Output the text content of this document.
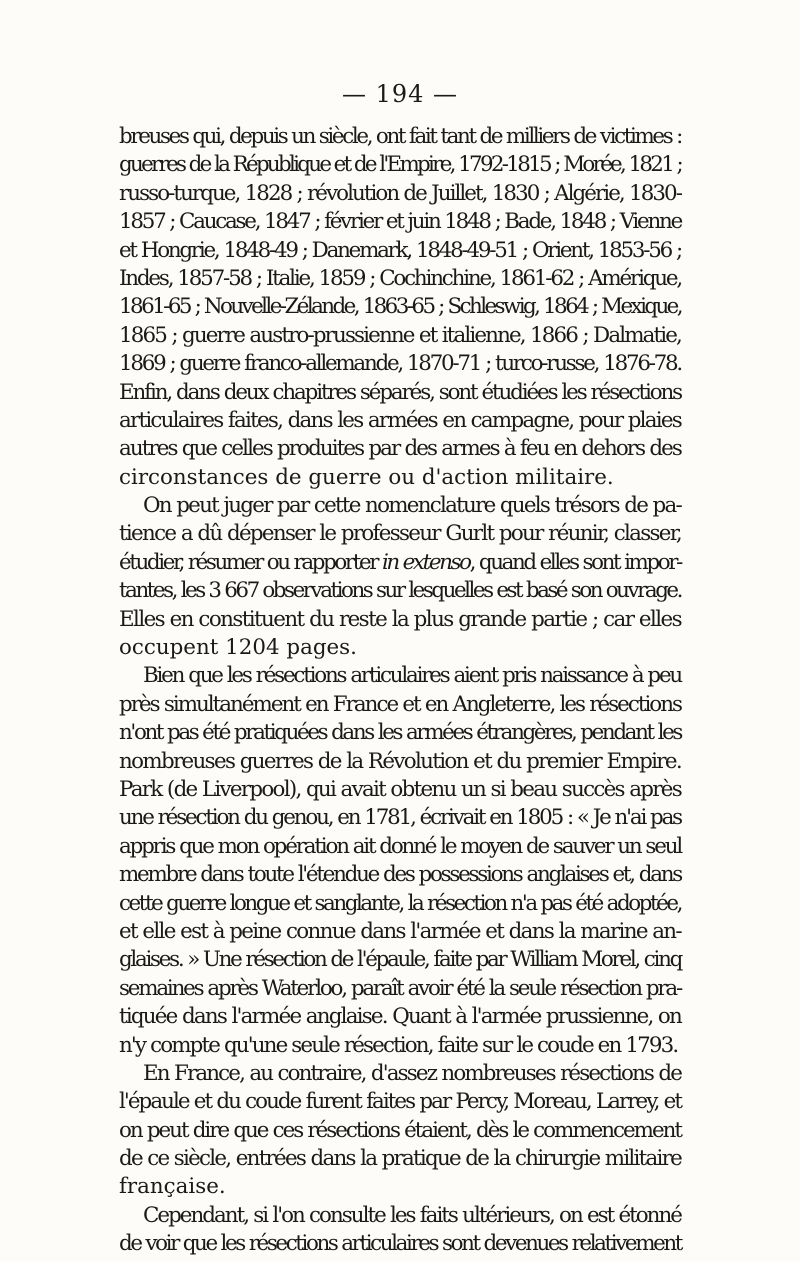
— 194 —
breuses qui, depuis un siècle, ont fait tant de milliers de victimes :
guerres de la République et de l'Empire, 1792-1815 ; Morée, 1821 ;
russo-turque, 1828 ; révolution de Juillet, 1830 ; Algérie, 1830-
1857 ; Caucase, 1847 ; février et juin 1848 ; Bade, 1848 ; Vienne
et Hongrie, 1848-49 ; Danemark, 1848-49-51 ; Orient, 1853-56 ;
Indes, 1857-58 ; Italie, 1859 ; Cochinchine, 1861-62 ; Amérique,
1861-65 ; Nouvelle-Zélande, 1863-65 ; Schleswig, 1864 ; Mexique,
1865 ; guerre austro-prussienne et italienne, 1866 ; Dalmatie,
1869 ; guerre franco-allemande, 1870-71 ; turco-russe, 1876-78.
Enfin, dans deux chapitres séparés, sont étudiées les résections
articulaires faites, dans les armées en campagne, pour plaies
autres que celles produites par des armes à feu en dehors des
circonstances de guerre ou d'action militaire.
On peut juger par cette nomenclature quels trésors de pa-
tience a dû dépenser le professeur Gurlt pour réunir, classer,
étudier, résumer ou rapporter in extenso, quand elles sont impor-
tantes, les 3 667 observations sur lesquelles est basé son ouvrage.
Elles en constituent du reste la plus grande partie ; car elles
occupent 1204 pages.
Bien que les résections articulaires aient pris naissance à peu
près simultanément en France et en Angleterre, les résections
n'ont pas été pratiquées dans les armées étrangères, pendant les
nombreuses guerres de la Révolution et du premier Empire.
Park (de Liverpool), qui avait obtenu un si beau succès après
une résection du genou, en 1781, écrivait en 1805 : « Je n'ai pas
appris que mon opération ait donné le moyen de sauver un seul
membre dans toute l'étendue des possessions anglaises et, dans
cette guerre longue et sanglante, la résection n'a pas été adoptée,
et elle est à peine connue dans l'armée et dans la marine an-
glaises. » Une résection de l'épaule, faite par William Morel, cinq
semaines après Waterloo, paraît avoir été la seule résection pra-
tiquée dans l'armée anglaise. Quant à l'armée prussienne, on
n'y compte qu'une seule résection, faite sur le coude en 1793.
En France, au contraire, d'assez nombreuses résections de
l'épaule et du coude furent faites par Percy, Moreau, Larrey, et
on peut dire que ces résections étaient, dès le commencement
de ce siècle, entrées dans la pratique de la chirurgie militaire
française.
Cependant, si l'on consulte les faits ultérieurs, on est étonné
de voir que les résections articulaires sont devenues relativement
